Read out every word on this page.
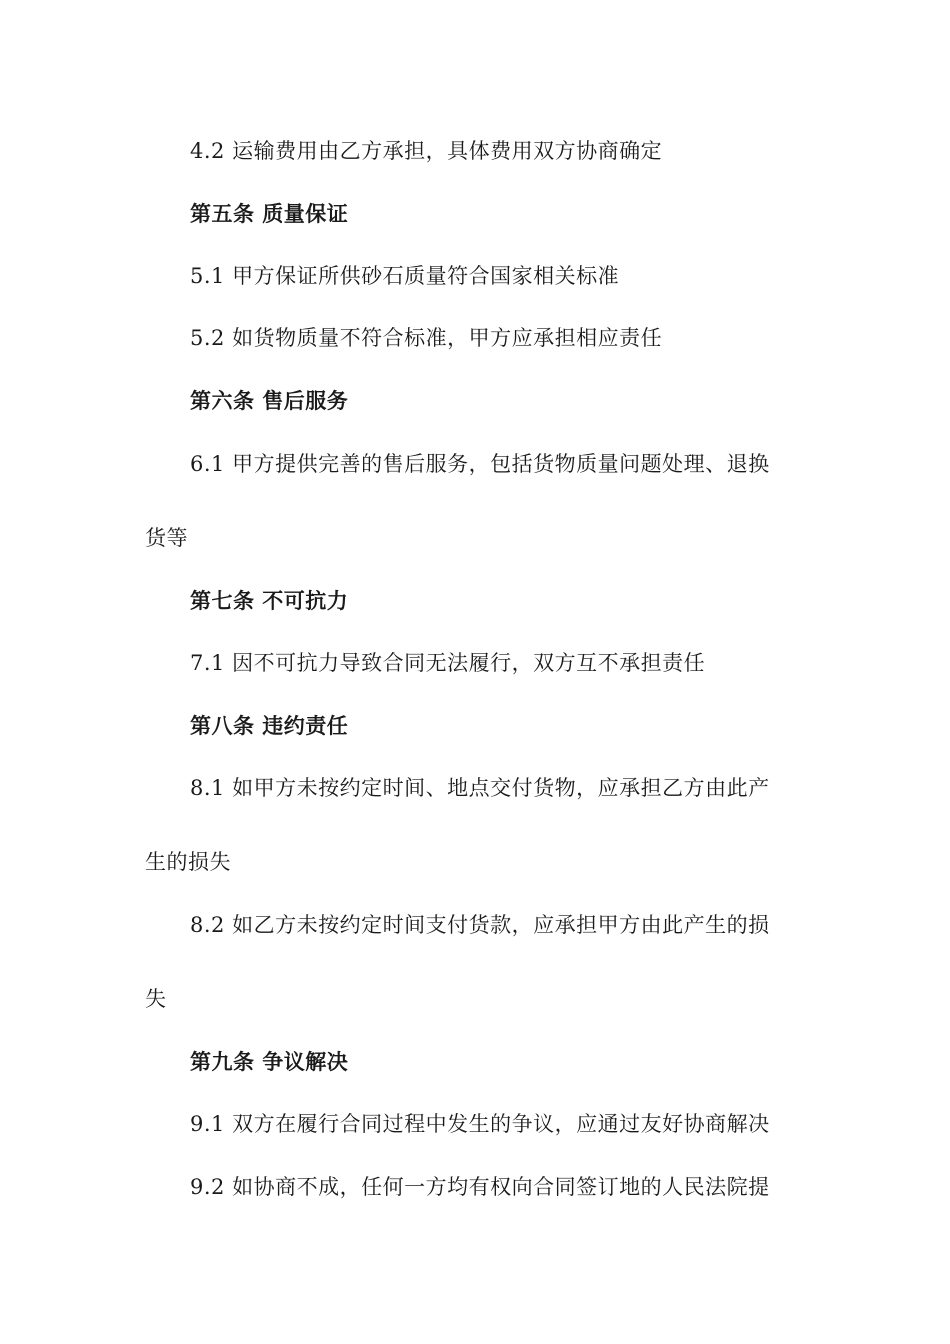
4.2 运输费用由乙方承担，具体费用双方协商确定
第五条 质量保证
5.1 甲方保证所供砂石质量符合国家相关标准
5.2 如货物质量不符合标准，甲方应承担相应责任
第六条 售后服务
6.1 甲方提供完善的售后服务，包括货物质量问题处理、退换
货等
第七条 不可抗力
7.1 因不可抗力导致合同无法履行，双方互不承担责任
第八条 违约责任
8.1 如甲方未按约定时间、地点交付货物，应承担乙方由此产
生的损失
8.2 如乙方未按约定时间支付货款，应承担甲方由此产生的损
失
第九条 争议解决
9.1 双方在履行合同过程中发生的争议，应通过友好协商解决
9.2 如协商不成，任何一方均有权向合同签订地的人民法院提
